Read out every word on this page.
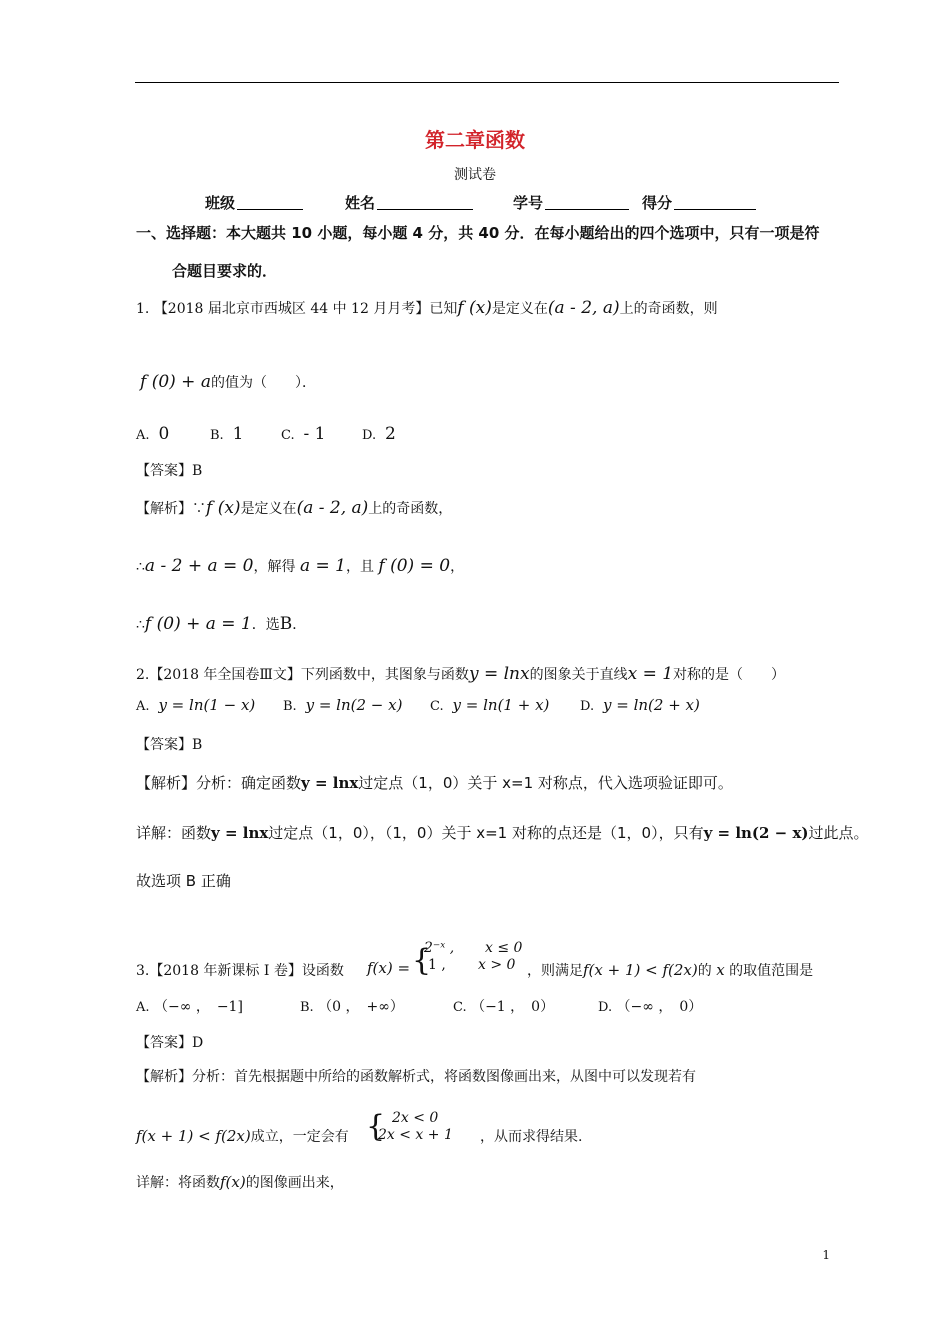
第二章函数
测试卷
班级	姓名	学号	得分
一、选择题：本大题共 10 小题，每小题 4 分，共 40 分．在每小题给出的四个选项中，只有一项是符
合题目要求的．
1. 【2018 届北京市西城区 44 中 12 月月考】已知f (x)是定义在(a - 2, a)上的奇函数，则
f (0) + a的值为（　　）．
A. 0	B. 1	C. - 1	D. 2
【答案】B
【解析】∵f (x)是定义在(a - 2, a)上的奇函数，
∴a - 2 + a = 0，解得 a = 1，且 f (0) = 0，
∴f (0) + a = 1．选B．
2.【2018 年全国卷Ⅲ文】下列函数中，其图象与函数y = lnx的图象关于直线x = 1对称的是（　　）
A. y = ln(1 − x) B. y = ln(2 − x) C. y = ln(1 + x) D. y = ln(2 + x)
【答案】B
【解析】分析：确定函数y = lnx过定点（1，0）关于 x=1 对称点，代入选项验证即可。
详解：函数y = lnx过定点（1，0），（1，0）关于 x=1 对称的点还是（1，0），只有y = ln(2 − x)过此点。
故选项 B 正确
3.【2018 年新课标 I 卷】设函数 f(x) = {
2⁻ˣ , x ≤ 0
1 , x > 0 ，则满足f(x + 1) < f(2x)的 x 的取值范围是
A. （−∞ ，　−1]	B. （0 ，　+∞）	C. （−1 ，　0）	D. （−∞ ，　0）
【答案】D
【解析】分析：首先根据题中所给的函数解析式，将函数图像画出来，从图中可以发现若有
f(x + 1) < f(2x)成立，一定会有 { 2x < 0
2x < x + 1 ，从而求得结果.
详解：将函数f(x)的图像画出来，
1
